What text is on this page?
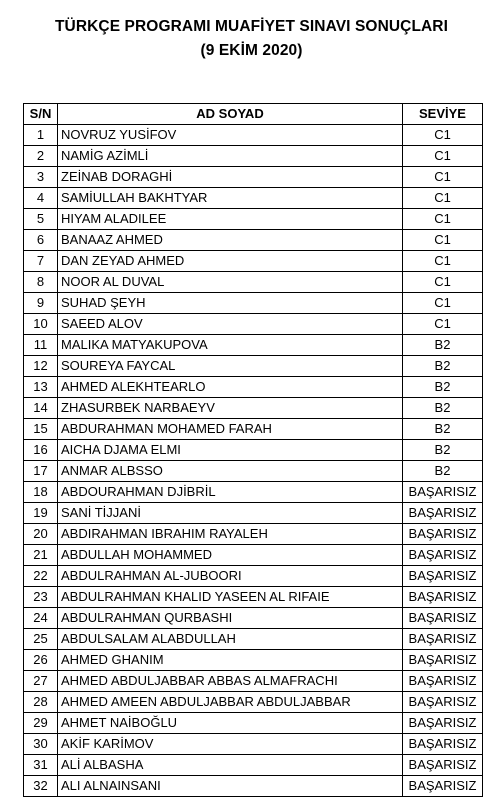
TÜRKÇE PROGRAMI MUAFİYET SINAVI SONUÇLARI
(9 EKİM 2020)
S/N	AD SOYAD	SEVİYE
1	NOVRUZ YUSİFOV	C1
2	NAMİG AZİMLİ	C1
3	ZEİNAB DORAGHİ	C1
4	SAMİULLAH BAKHTYAR	C1
5	HIYAM ALADILEE	C1
6	BANAAZ AHMED	C1
7	DAN ZEYAD AHMED	C1
8	NOOR AL DUVAL	C1
9	SUHAD ŞEYH	C1
10	SAEED ALOV	C1
11	MALIKA MATYAKUPOVA	B2
12	SOUREYA FAYCAL	B2
13	AHMED ALEKHTEARLO	B2
14	ZHASURBEK NARBAEYV	B2
15	ABDURAHMAN MOHAMED FARAH	B2
16	AICHA DJAMA ELMI	B2
17	ANMAR ALBSSO	B2
18	ABDOURAHMAN DJİBRİL	BAŞARISIZ
19	SANİ TİJJANİ	BAŞARISIZ
20	ABDIRAHMAN IBRAHIM RAYALEH	BAŞARISIZ
21	ABDULLAH MOHAMMED	BAŞARISIZ
22	ABDULRAHMAN AL-JUBOORI	BAŞARISIZ
23	ABDULRAHMAN KHALID YASEEN AL RIFAIE	BAŞARISIZ
24	ABDULRAHMAN QURBASHI	BAŞARISIZ
25	ABDULSALAM ALABDULLAH	BAŞARISIZ
26	AHMED GHANIM	BAŞARISIZ
27	AHMED ABDULJABBAR ABBAS ALMAFRACHI	BAŞARISIZ
28	AHMED AMEEN ABDULJABBAR ABDULJABBAR	BAŞARISIZ
29	AHMET NAİBOĞLU	BAŞARISIZ
30	AKİF KARİMOV	BAŞARISIZ
31	ALİ ALBASHA	BAŞARISIZ
32	ALI ALNAINSANI	BAŞARISIZ
